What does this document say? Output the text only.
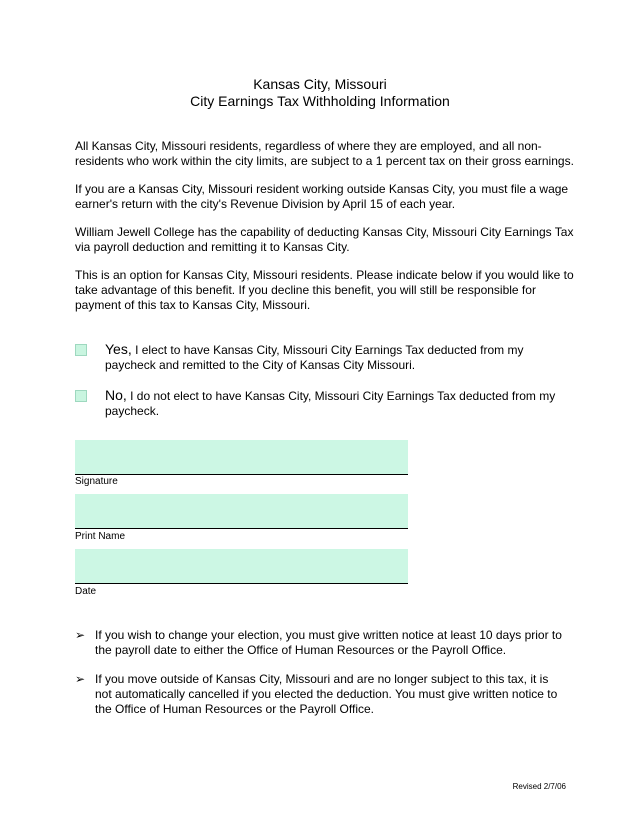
Kansas City, Missouri
City Earnings Tax Withholding Information
All Kansas City, Missouri residents, regardless of where they are employed, and all non-residents who work within the city limits, are subject to a 1 percent tax on their gross earnings.
If you are a Kansas City, Missouri resident working outside Kansas City, you must file a wage earner's return with the city's Revenue Division by April 15 of each year.
William Jewell College has the capability of deducting Kansas City, Missouri City Earnings Tax via payroll deduction and remitting it to Kansas City.
This is an option for Kansas City, Missouri residents. Please indicate below if you would like to take advantage of this benefit. If you decline this benefit, you will still be responsible for payment of this tax to Kansas City, Missouri.
Yes, I elect to have Kansas City, Missouri City Earnings Tax deducted from my paycheck and remitted to the City of Kansas City Missouri.
No, I do not elect to have Kansas City, Missouri City Earnings Tax deducted from my paycheck.
Signature
Print Name
Date
➢ If you wish to change your election, you must give written notice at least 10 days prior to the payroll date to either the Office of Human Resources or the Payroll Office.
➢ If you move outside of Kansas City, Missouri and are no longer subject to this tax, it is not automatically cancelled if you elected the deduction. You must give written notice to the Office of Human Resources or the Payroll Office.
Revised 2/7/06
